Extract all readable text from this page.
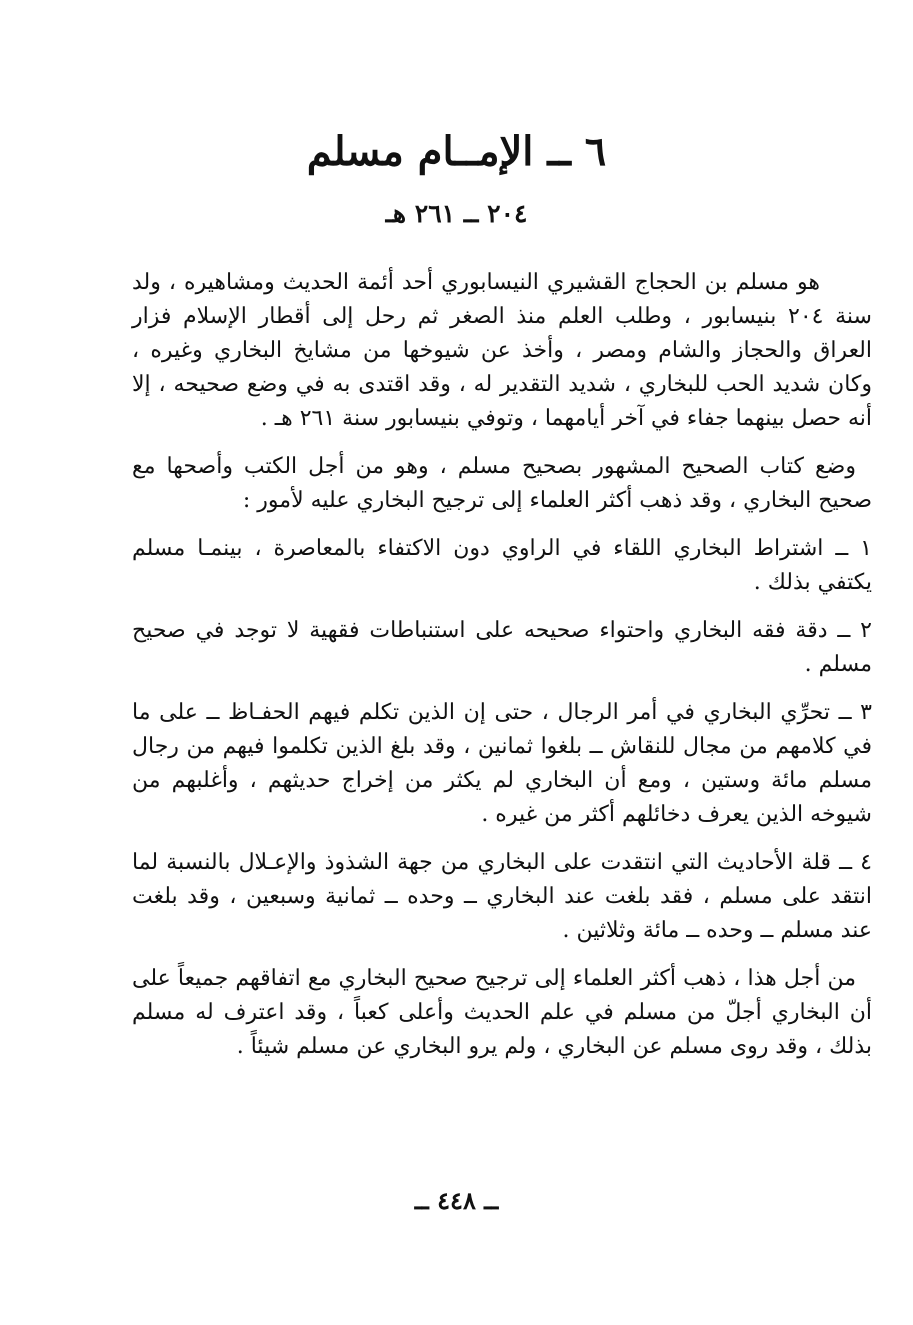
٦ ــ الإمــام مسلم
٢٠٤ ــ ٢٦١ هـ

هو مسلم بن الحجاج القشيري النيسابوري أحد أئمة الحديث ومشاهيره ، ولد سنة ٢٠٤ بنيسابور ، وطلب العلم منذ الصغر ثم رحل إلى أقطار الإسلام فزار العراق والحجاز والشام ومصر ، وأخذ عن شيوخها من مشايخ البخاري وغيره ، وكان شديد الحب للبخاري ، شديد التقدير له ، وقد اقتدى به في وضع صحيحه ، إلا أنه حصل بينهما جفاء في آخر أيامهما ، وتوفي بنيسابور سنة ٢٦١ هـ .

وضع كتاب الصحيح المشهور بصحيح مسلم ، وهو من أجل الكتب وأصحها مع صحيح البخاري ، وقد ذهب أكثر العلماء إلى ترجيح البخاري عليه لأمور :

١ ــ اشتراط البخاري اللقاء في الراوي دون الاكتفاء بالمعاصرة ، بينمـا مسلم يكتفي بذلك .

٢ ــ دقة فقه البخاري واحتواء صحيحه على استنباطات فقهية لا توجد في صحيح مسلم .

٣ ــ تحرِّي البخاري في أمر الرجال ، حتى إن الذين تكلم فيهم الحفـاظ ــ على ما في كلامهم من مجال للنقاش ــ بلغوا ثمانين ، وقد بلغ الذين تكلموا فيهم من رجال مسلم مائة وستين ، ومع أن البخاري لم يكثر من إخراج حديثهم ، وأغلبهم من شيوخه الذين يعرف دخائلهم أكثر من غيره .

٤ ــ قلة الأحاديث التي انتقدت على البخاري من جهة الشذوذ والإعـلال بالنسبة لما انتقد على مسلم ، فقد بلغت عند البخاري ــ وحده ــ ثمانية وسبعين ، وقد بلغت عند مسلم ــ وحده ــ مائة وثلاثين .

من أجل هذا ، ذهب أكثر العلماء إلى ترجيح صحيح البخاري مع اتفاقهم جميعاً على أن البخاري أجلّ من مسلم في علم الحديث وأعلى كعباً ، وقد اعترف له مسلم بذلك ، وقد روى مسلم عن البخاري ، ولم يرو البخاري عن مسلم شيئاً .

ــ ٤٤٨ ــ
